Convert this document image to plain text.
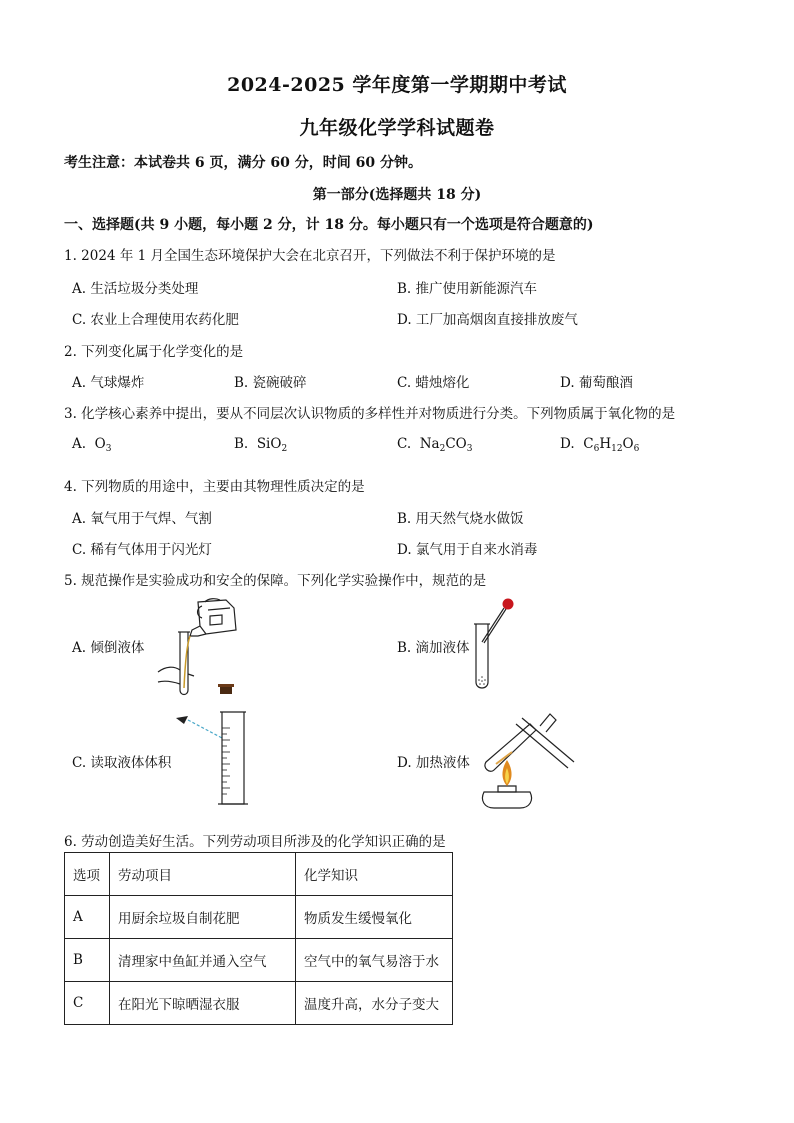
2024-2025 学年度第一学期期中考试
九年级化学学科试题卷
考生注意：本试卷共 6 页，满分 60 分，时间 60 分钟。
第一部分(选择题共 18 分)
一、选择题(共 9 小题，每小题 2 分，计 18 分。每小题只有一个选项是符合题意的)
1. 2024 年 1 月全国生态环境保护大会在北京召开，下列做法不利于保护环境的是
A. 生活垃圾分类处理	B. 推广使用新能源汽车
C. 农业上合理使用农药化肥	D. 工厂加高烟囱直接排放废气
2. 下列变化属于化学变化的是
A. 气球爆炸	B. 瓷碗破碎	C. 蜡烛熔化	D. 葡萄酿酒
3. 化学核心素养中提出，要从不同层次认识物质的多样性并对物质进行分类。下列物质属于氧化物的是
A. $O_3$	B. SiO$_2$	C. $Na_2CO_3$	D. $C_6H_{12}O_6$
4. 下列物质的用途中，主要由其物理性质决定的是
A. 氧气用于气焊、气割	B. 用天然气烧水做饭
C. 稀有气体用于闪光灯	D. 氯气用于自来水消毒
5. 规范操作是实验成功和安全的保障。下列化学实验操作中，规范的是
A. 倾倒液体	B. 滴加液体
C. 读取液体体积	D. 加热液体
6. 劳动创造美好生活。下列劳动项目所涉及的化学知识正确的是
选项	劳动项目	化学知识
A	用厨余垃圾自制花肥	物质发生缓慢氧化
B	清理家中鱼缸并通入空气	空气中的氧气易溶于水
C	在阳光下晾晒湿衣服	温度升高，水分子变大
